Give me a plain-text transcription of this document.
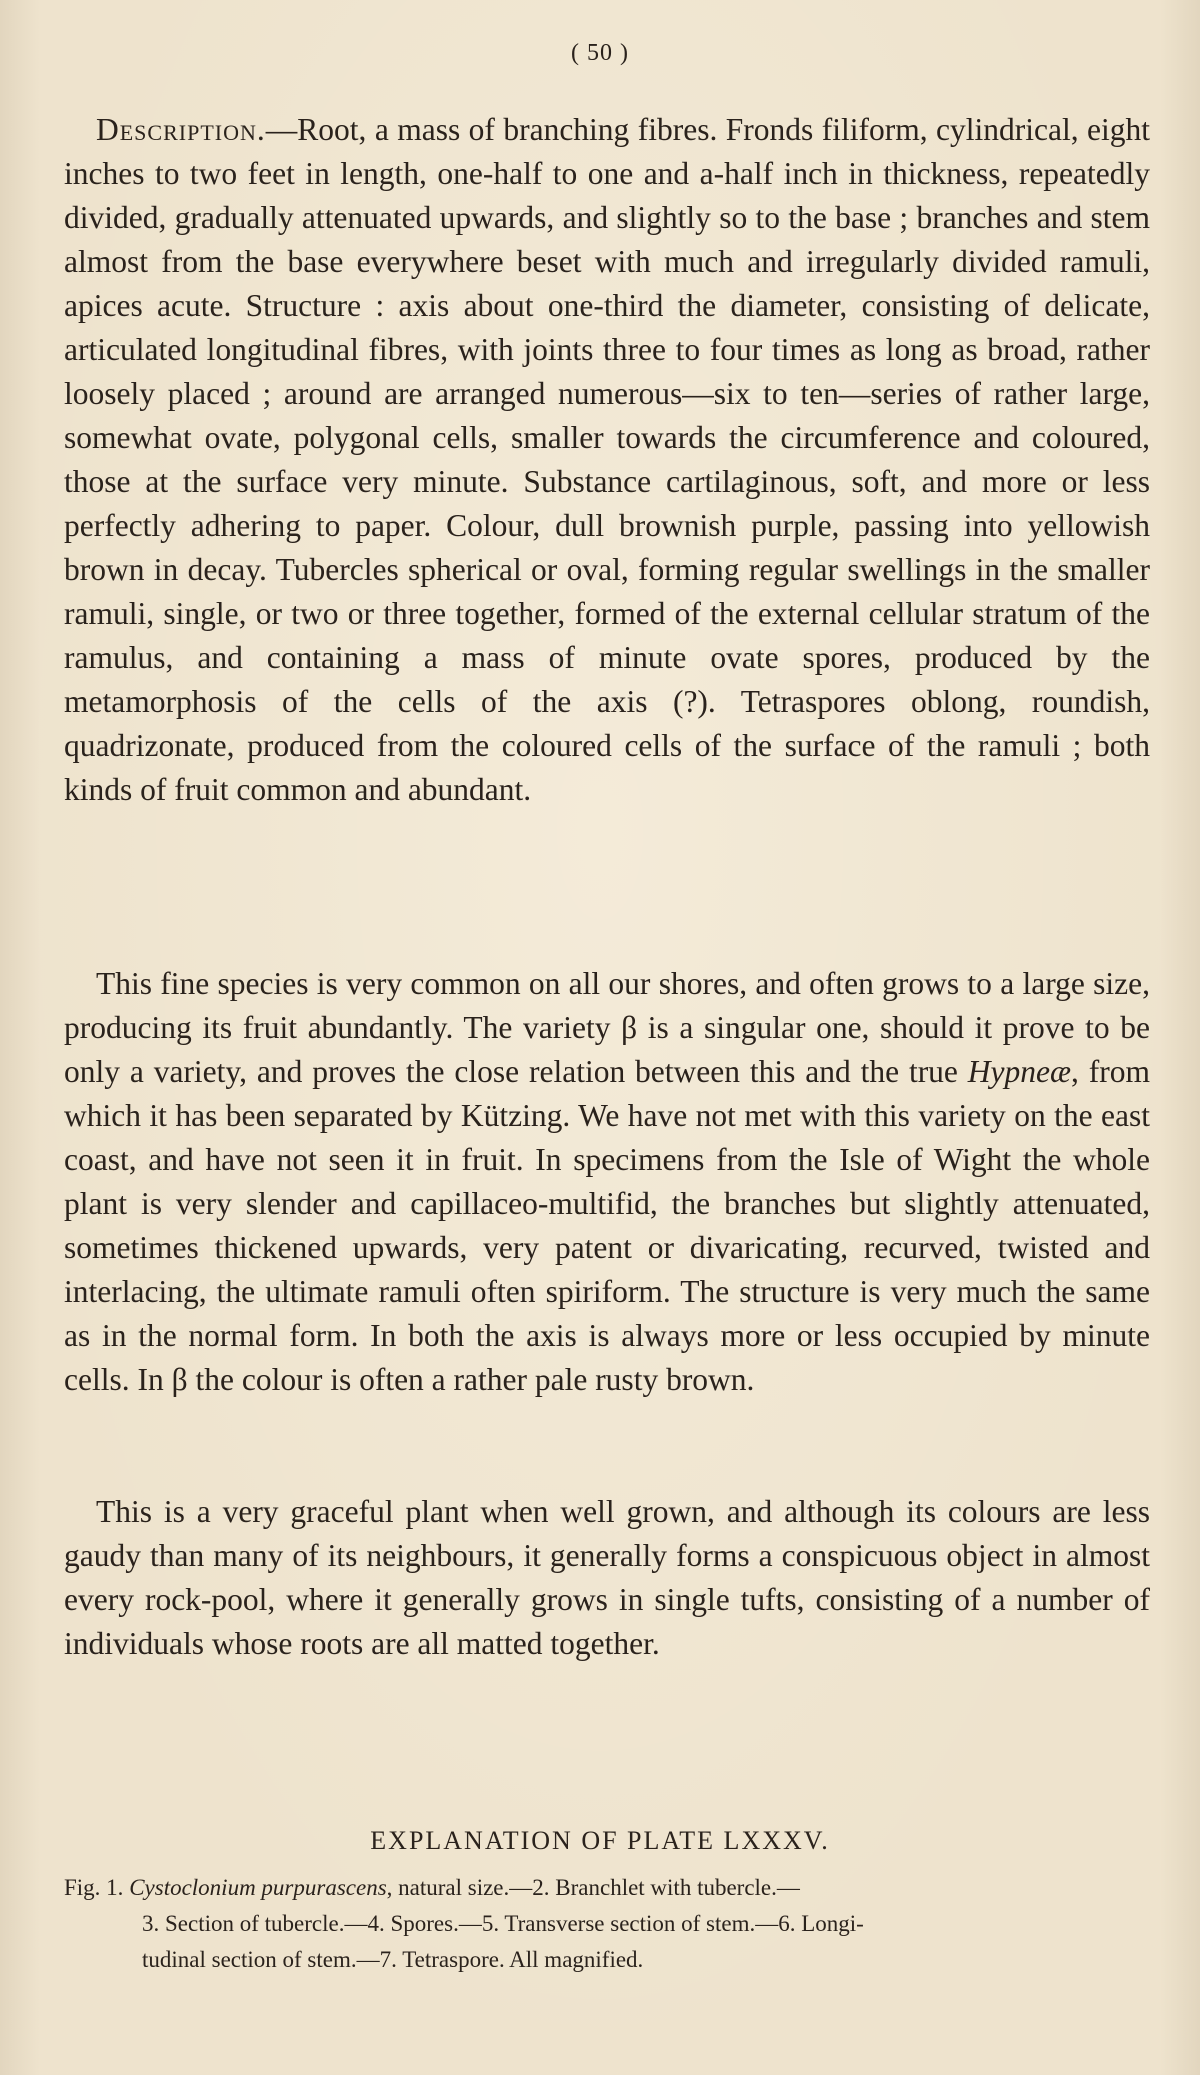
( 50 )

Description.—Root, a mass of branching fibres. Fronds filiform, cylindrical, eight inches to two feet in length, one-half to one and a-half inch in thickness, repeatedly divided, gradually attenuated upwards, and slightly so to the base ; branches and stem almost from the base everywhere beset with much and irregularly divided ramuli, apices acute. Structure : axis about one-third the diameter, consisting of delicate, articulated longitudinal fibres, with joints three to four times as long as broad, rather loosely placed ; around are arranged numerous—six to ten—series of rather large, somewhat ovate, polygonal cells, smaller towards the circumference and coloured, those at the surface very minute. Substance cartilaginous, soft, and more or less perfectly adhering to paper. Colour, dull brownish purple, passing into yellowish brown in decay. Tubercles spherical or oval, forming regular swellings in the smaller ramuli, single, or two or three together, formed of the external cellular stratum of the ramulus, and containing a mass of minute ovate spores, produced by the metamorphosis of the cells of the axis (?). Tetraspores oblong, roundish, quadrizonate, produced from the coloured cells of the surface of the ramuli ; both kinds of fruit common and abundant.

This fine species is very common on all our shores, and often grows to a large size, producing its fruit abundantly. The variety β is a singular one, should it prove to be only a variety, and proves the close relation between this and the true Hypneæ, from which it has been separated by Kützing. We have not met with this variety on the east coast, and have not seen it in fruit. In specimens from the Isle of Wight the whole plant is very slender and capillaceo-multifid, the branches but slightly attenuated, sometimes thickened upwards, very patent or divaricating, recurved, twisted and interlacing, the ultimate ramuli often spiriform. The structure is very much the same as in the normal form. In both the axis is always more or less occupied by minute cells. In β the colour is often a rather pale rusty brown.

This is a very graceful plant when well grown, and although its colours are less gaudy than many of its neighbours, it generally forms a conspicuous object in almost every rock-pool, where it generally grows in single tufts, consisting of a number of individuals whose roots are all matted together.

EXPLANATION OF PLATE LXXXV.
Fig. 1. Cystoclonium purpurascens, natural size.—2. Branchlet with tubercle.—
3. Section of tubercle.—4. Spores.—5. Transverse section of stem.—6. Longi-
tudinal section of stem.—7. Tetraspore. All magnified.
